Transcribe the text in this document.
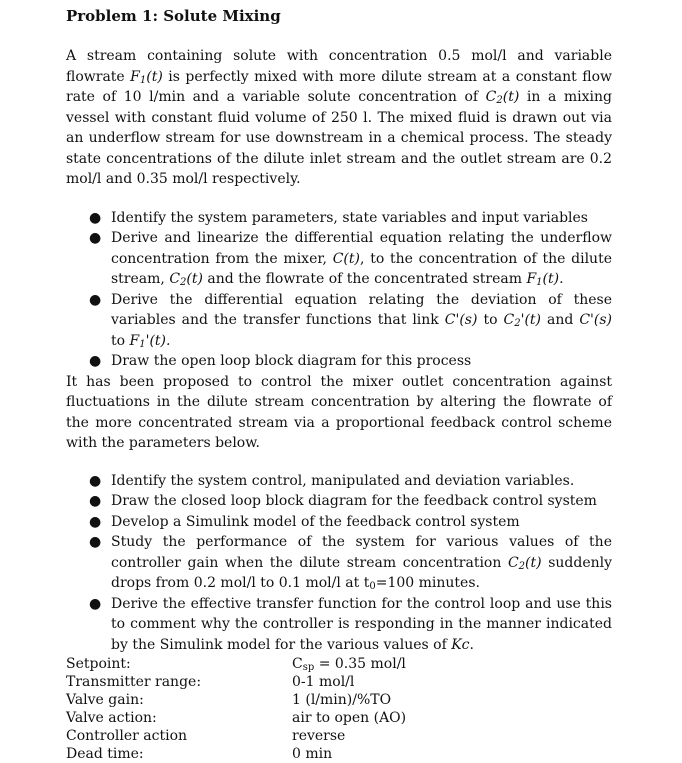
Problem 1: Solute Mixing

A stream containing solute with concentration 0.5 mol/l and variable flowrate $F_1(t)$ is perfectly mixed with more dilute stream at a constant flow rate of 10 l/min and a variable solute concentration of $C_2(t)$ in a mixing vessel with constant fluid volume of 250 l. The mixed fluid is drawn out via an underflow stream for use downstream in a chemical process. The steady state concentrations of the dilute inlet stream and the outlet stream are 0.2 mol/l and 0.35 mol/l respectively.

● Identify the system parameters, state variables and input variables
● Derive and linearize the differential equation relating the underflow concentration from the mixer, C(t), to the concentration of the dilute stream, $C_2(t)$ and the flowrate of the concentrated stream $F_1(t)$.
● Derive the differential equation relating the deviation of these variables and the transfer functions that link C'(s) to $C_2'(t)$ and C'(s) to $F_1'(t)$.
● Draw the open loop block diagram for this process

It has been proposed to control the mixer outlet concentration against fluctuations in the dilute stream concentration by altering the flowrate of the more concentrated stream via a proportional feedback control scheme with the parameters below.

● Identify the system control, manipulated and deviation variables.
● Draw the closed loop block diagram for the feedback control system
● Develop a Simulink model of the feedback control system
● Study the performance of the system for various values of the controller gain when the dilute stream concentration $C_2(t)$ suddenly drops from 0.2 mol/l to 0.1 mol/l at $t_0=100$ minutes.
● Derive the effective transfer function for the control loop and use this to comment why the controller is responding in the manner indicated by the Simulink model for the various values of Kc.
Setpoint:	$C_{sp} = 0.35$ mol/l
Transmitter range:	0-1 mol/l
Valve gain:	1 (l/min)/%TO
Valve action:	air to open (AO)
Controller action	reverse
Dead time:	0 min
